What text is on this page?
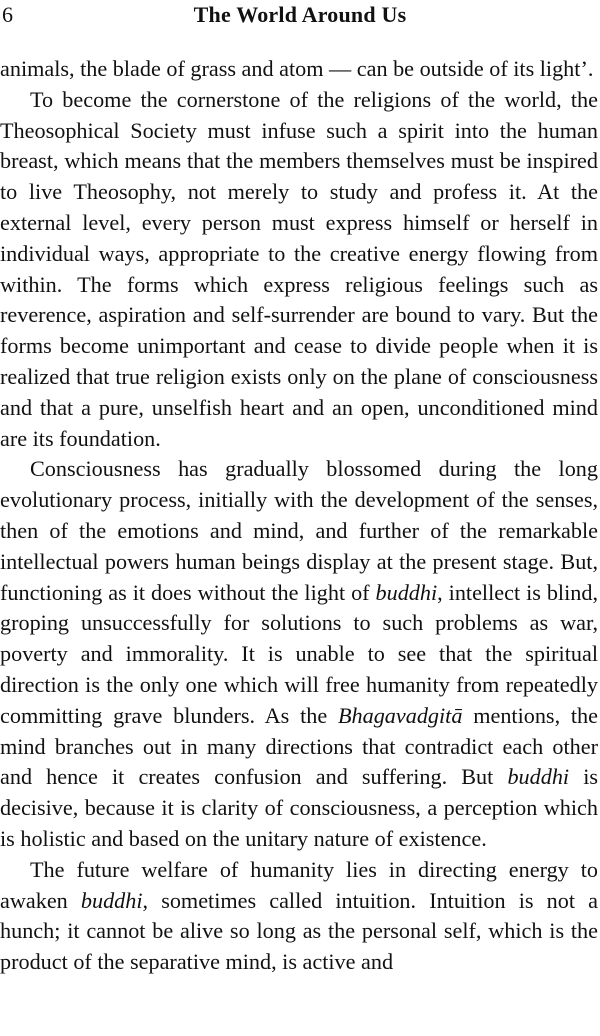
6	The World Around Us

animals, the blade of grass and atom — can be outside of its light’.

To become the cornerstone of the religions of the world, the Theosophical Society must infuse such a spirit into the human breast, which means that the members themselves must be inspired to live Theosophy, not merely to study and profess it. At the external level, every person must express himself or herself in individual ways, appropriate to the creative energy flowing from within. The forms which express religious feelings such as reverence, aspiration and self-surrender are bound to vary. But the forms become unimportant and cease to divide people when it is realized that true religion exists only on the plane of consciousness and that a pure, unselfish heart and an open, unconditioned mind are its foundation.

Consciousness has gradually blossomed during the long evolutionary process, initially with the development of the senses, then of the emotions and mind, and further of the remarkable intellectual powers human beings display at the present stage. But, functioning as it does without the light of buddhi, intellect is blind, groping unsuccessfully for solutions to such problems as war, poverty and immorality. It is unable to see that the spiritual direction is the only one which will free humanity from repeatedly committing grave blunders. As the Bhagavadgitā mentions, the mind branches out in many directions that contradict each other and hence it creates confusion and suffering. But buddhi is decisive, because it is clarity of consciousness, a perception which is holistic and based on the unitary nature of existence.

The future welfare of humanity lies in directing energy to awaken buddhi, sometimes called intuition. Intuition is not a hunch; it cannot be alive so long as the personal self, which is the product of the separative mind, is active and
